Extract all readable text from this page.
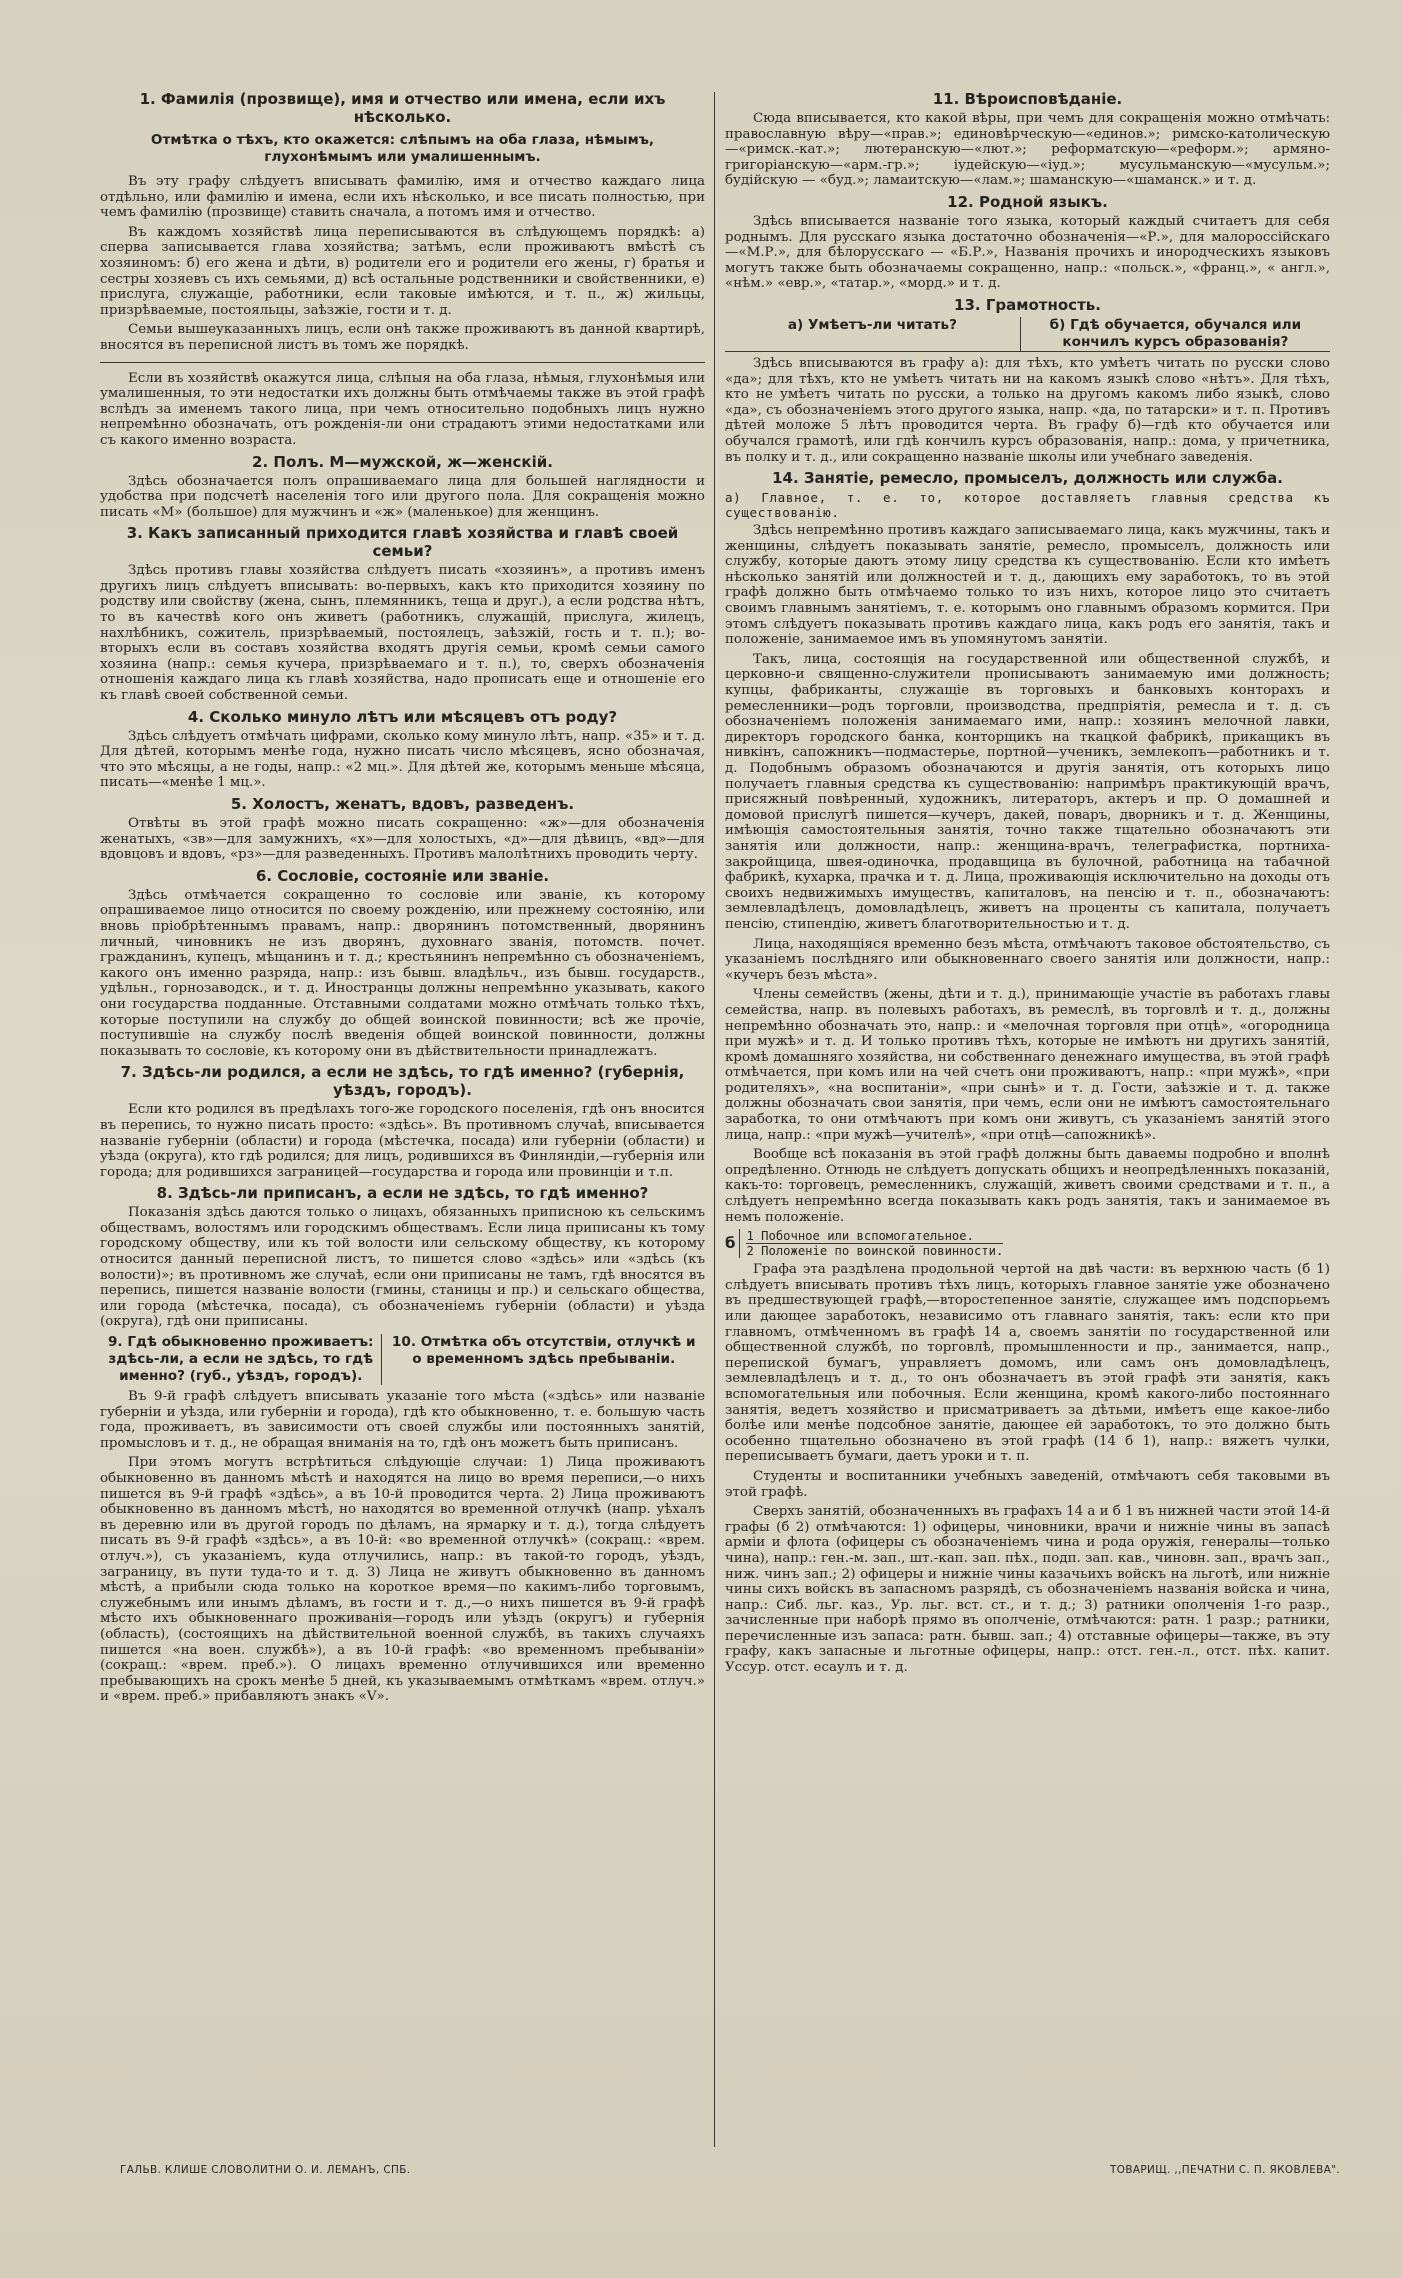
1. Фамилія (прозвище), имя и отчество или имена, если ихъ нѣсколько.
Отмѣтка о тѣхъ, кто окажется: слѣпымъ на оба глаза, нѣмымъ, глухонѣмымъ или умалишеннымъ.

Въ эту графу слѣдуетъ вписывать фамилію, имя и отчество каждаго лица отдѣльно, или фамилію и имена, если ихъ нѣсколько, и все писать полностью, при чемъ фамилію (прозвище) ставить сначала, а потомъ имя и отчество.

Въ каждомъ хозяйствѣ лица переписываются въ слѣдующемъ порядкѣ: а) сперва записывается глава хозяйства; затѣмъ, если проживаютъ вмѣстѣ съ хозяиномъ: б) его жена и дѣти, в) родители его и родители его жены, г) братья и сестры хозяевъ съ ихъ семьями, д) всѣ остальные родственники и свойственники, е) прислуга, служащіе, работники, если таковые имѣются, и т. п., ж) жильцы, призрѣваемые, постояльцы, заѣзжіе, гости и т. д.

Семьи вышеуказанныхъ лицъ, если онѣ также проживаютъ въ данной квартирѣ, вносятся въ переписной листъ въ томъ же порядкѣ.

Если въ хозяйствѣ окажутся лица, слѣпыя на оба глаза, нѣмыя, глухонѣмыя или умалишенныя, то эти недостатки ихъ должны быть отмѣчаемы также въ этой графѣ вслѣдъ за именемъ такого лица, при чемъ относительно подобныхъ лицъ нужно непремѣнно обозначать, отъ рожденія-ли они страдаютъ этими недостатками или съ какого именно возраста.

2. Полъ. М—мужской, ж—женскій.

Здѣсь обозначается полъ опрашиваемаго лица для большей наглядности и удобства при подсчетѣ населенія того или другого пола. Для сокращенія можно писать «М» (большое) для мужчинъ и «ж» (маленькое) для женщинъ.

3. Какъ записанный приходится главѣ хозяйства и главѣ своей семьи?

Здѣсь противъ главы хозяйства слѣдуетъ писать «хозяинъ», а противъ именъ другихъ лицъ слѣдуетъ вписывать: во-первыхъ, какъ кто приходится хозяину по родству или свойству (жена, сынъ, племянникъ, теща и друг.), а если родства нѣтъ, то въ качествѣ кого онъ живетъ (работникъ, служащій, прислуга, жилецъ, нахлѣбникъ, сожитель, призрѣваемый, постоялецъ, заѣзжій, гость и т. п.); во-вторыхъ если въ составъ хозяйства входятъ другія семьи, кромѣ семьи самого хозяина (напр.: семья кучера, призрѣваемаго и т. п.), то, сверхъ обозначенія отношенія каждаго лица къ главѣ хозяйства, надо прописать еще и отношеніе его къ главѣ своей собственной семьи.

4. Сколько минуло лѣтъ или мѣсяцевъ отъ роду?

Здѣсь слѣдуетъ отмѣчать цифрами, сколько кому минуло лѣтъ, напр. «35» и т. д. Для дѣтей, которымъ менѣе года, нужно писать число мѣсяцевъ, ясно обозначая, что это мѣсяцы, а не годы, напр.: «2 мц.». Для дѣтей же, которымъ меньше мѣсяца, писать—«менѣе 1 мц.».

5. Холостъ, женатъ, вдовъ, разведенъ.

Отвѣты въ этой графѣ можно писать сокращенно: «ж»—для обозначенія женатыхъ, «зв»—для замужнихъ, «х»—для холостыхъ, «д»—для дѣвицъ, «вд»—для вдовцовъ и вдовъ, «рз»—для разведенныхъ. Противъ малолѣтнихъ проводить черту.

6. Сословіе, состояніе или званіе.

Здѣсь отмѣчается сокращенно то сословіе или званіе, къ которому опрашиваемое лицо относится по своему рожденію, или прежнему состоянію, или вновь пріобрѣтеннымъ правамъ, напр.: дворянинъ потомственный, дворянинъ личный, чиновникъ не изъ дворянъ, духовнаго званія, потомств. почет. гражданинъ, купецъ, мѣщанинъ и т. д.; крестьянинъ непремѣнно съ обозначеніемъ, какого онъ именно разряда, напр.: изъ бывш. владѣльч., изъ бывш. государств., удѣльн., горнозаводск., и т. д. Иностранцы должны непремѣнно указывать, какого они государства подданные. Отставными солдатами можно отмѣчать только тѣхъ, которые поступили на службу до общей воинской повинности; всѣ же прочіе, поступившіе на службу послѣ введенія общей воинской повинности, должны показывать то сословіе, къ которому они въ дѣйствительности принадлежатъ.

7. Здѣсь-ли родился, а если не здѣсь, то гдѣ именно? (губернія, уѣздъ, городъ).

Если кто родился въ предѣлахъ того-же городского поселенія, гдѣ онъ вносится въ перепись, то нужно писать просто: «здѣсь». Въ противномъ случаѣ, вписывается названіе губерніи (области) и города (мѣстечка, посада) или губерніи (области) и уѣзда (округа), кто гдѣ родился; для лицъ, родившихся въ Финляндіи,—губернія или города; для родившихся заграницей—государства и города или провинціи и т.п.

8. Здѣсь-ли приписанъ, а если не здѣсь, то гдѣ именно?

Показанія здѣсь даются только о лицахъ, обязанныхъ приписною къ сельскимъ обществамъ, волостямъ или городскимъ обществамъ. Если лица приписаны къ тому городскому обществу, или къ той волости или сельскому обществу, къ которому относится данный переписной листъ, то пишется слово «здѣсь» или «здѣсь (къ волости)»; въ противномъ же случаѣ, если они приписаны не тамъ, гдѣ вносятся въ перепись, пишется названіе волости (гмины, станицы и пр.) и сельскаго общества, или города (мѣстечка, посада), съ обозначеніемъ губерніи (области) и уѣзда (округа), гдѣ они приписаны.

9. Гдѣ обыкновенно проживаетъ: здѣсь-ли, а если не здѣсь, то гдѣ именно? (губ., уѣздъ, городъ).
10. Отмѣтка объ отсутствіи, отлучкѣ и о временномъ здѣсь пребываніи.

Въ 9-й графѣ слѣдуетъ вписывать указаніе того мѣста («здѣсь» или названіе губерніи и уѣзда, или губерніи и города), гдѣ кто обыкновенно, т. е. большую часть года, проживаетъ, въ зависимости отъ своей службы или постоянныхъ занятій, промысловъ и т. д., не обращая вниманія на то, гдѣ онъ можетъ быть приписанъ.

При этомъ могутъ встрѣтиться слѣдующіе случаи: 1) Лица проживаютъ обыкновенно въ данномъ мѣстѣ и находятся на лицо во время переписи,—о нихъ пишется въ 9-й графѣ «здѣсь», а въ 10-й проводится черта. 2) Лица проживаютъ обыкновенно въ данномъ мѣстѣ, но находятся во временной отлучкѣ (напр. уѣхалъ въ деревню или въ другой городъ по дѣламъ, на ярмарку и т. д.), тогда слѣдуетъ писать въ 9-й графѣ «здѣсь», а въ 10-й: «во временной отлучкѣ» (сокращ.: «врем. отлуч.»), съ указаніемъ, куда отлучились, напр.: въ такой-то городъ, уѣздъ, заграницу, въ пути туда-то и т. д. 3) Лица не живутъ обыкновенно въ данномъ мѣстѣ, а прибыли сюда только на короткое время—по какимъ-либо торговымъ, служебнымъ или инымъ дѣламъ, въ гости и т. д.,—о нихъ пишется въ 9-й графѣ мѣсто ихъ обыкновеннаго проживанія—городъ или уѣздъ (округъ) и губернія (область), (состоящихъ на дѣйствительной военной службѣ, въ такихъ случаяхъ пишется «на воен. службѣ»), а въ 10-й графѣ: «во временномъ пребываніи» (сокращ.: «врем. преб.»). О лицахъ временно отлучившихся или временно пребывающихъ на срокъ менѣе 5 дней, къ указываемымъ отмѣткамъ «врем. отлуч.» и «врем. преб.» прибавляютъ знакъ «V».

11. Вѣроисповѣданіе.

Сюда вписывается, кто какой вѣры, при чемъ для сокращенія можно отмѣчать: православную вѣру—«прав.»; единовѣрческую—«единов.»; римско-католическую—«римск.-кат.»; лютеранскую—«лют.»; реформатскую—«реформ.»; армяно-григоріанскую—«арм.-гр.»; іудейскую—«іуд.»; мусульманскую—«мусульм.»; будійскую — «буд.»; ламаитскую—«лам.»; шаманскую—«шаманск.» и т. д.

12. Родной языкъ.

Здѣсь вписывается названіе того языка, который каждый считаетъ для себя роднымъ. Для русскаго языка достаточно обозначенія—«Р.», для малороссійскаго—«М.Р.», для бѣлорусскаго — «Б.Р.», Названія прочихъ и инородческихъ языковъ могутъ также быть обозначаемы сокращенно, напр.: «польск.», «франц.», « англ.», «нѣм.» «евр.», «татар.», «морд.» и т. д.

13. Грамотность.
а) Умѣетъ-ли читать?	б) Гдѣ обучается, обучался или кончилъ курсъ образованія?

Здѣсь вписываются въ графу а): для тѣхъ, кто умѣетъ читать по русски слово «да»; для тѣхъ, кто не умѣетъ читать ни на какомъ языкѣ слово «нѣтъ». Для тѣхъ, кто не умѣетъ читать по русски, а только на другомъ какомъ либо языкѣ, слово «да», съ обозначеніемъ этого другого языка, напр. «да, по татарски» и т. п. Противъ дѣтей моложе 5 лѣтъ проводится черта. Въ графу б)—гдѣ кто обучается или обучался грамотѣ, или гдѣ кончилъ курсъ образованія, напр.: дома, у причетника, въ полку и т. д., или сокращенно названіе школы или учебнаго заведенія.

14. Занятіе, ремесло, промыселъ, должность или служба.
а) Главное, т. е. то, которое доставляетъ главныя средства къ существованію.

Здѣсь непремѣнно противъ каждаго записываемаго лица, какъ мужчины, такъ и женщины, слѣдуетъ показывать занятіе, ремесло, промыселъ, должность или службу, которые даютъ этому лицу средства къ существованію. Если кто имѣетъ нѣсколько занятій или должностей и т. д., дающихъ ему заработокъ, то въ этой графѣ должно быть отмѣчаемо только то изъ нихъ, которое лицо это считаетъ своимъ главнымъ занятіемъ, т. е. которымъ оно главнымъ образомъ кормится. При этомъ слѣдуетъ показывать противъ каждаго лица, какъ родъ его занятія, такъ и положеніе, занимаемое имъ въ упомянутомъ занятіи.

Такъ, лица, состоящія на государственной или общественной службѣ, и церковно-и священно-служители прописываютъ занимаемую ими должность; купцы, фабриканты, служащіе въ торговыхъ и банковыхъ конторахъ и ремесленники—родъ торговли, производства, предпріятія, ремесла и т. д. съ обозначеніемъ положенія занимаемаго ими, напр.: хозяинъ мелочной лавки, директоръ городского банка, конторщикъ на ткацкой фабрикѣ, прикащикъ въ нивкінъ, сапожникъ—подмастерье, портной—ученикъ, землекопъ—работникъ и т. д. Подобнымъ образомъ обозначаются и другія занятія, отъ которыхъ лицо получаетъ главныя средства къ существованію: напримѣръ практикующій врачъ, присяжный повѣренный, художникъ, литераторъ, актеръ и пр. О домашней и домовой прислугѣ пишется—кучеръ, дакей, поваръ, дворникъ и т. д. Женщины, имѣющія самостоятельныя занятія, точно также тщательно обозначаютъ эти занятія или должности, напр.: женщина-врачъ, телеграфистка, портниха-закройщица, швея-одиночка, продавщица въ булочной, работница на табачной фабрикѣ, кухарка, прачка и т. д. Лица, проживающія исключительно на доходы отъ своихъ недвижимыхъ имуществъ, капиталовъ, на пенсію и т. п., обозначаютъ: землевладѣлецъ, домовладѣлецъ, живетъ на проценты съ капитала, получаетъ пенсію, стипендію, живетъ благотворительностью и т. д.

Лица, находящіяся временно безъ мѣста, отмѣчаютъ таковое обстоятельство, съ указаніемъ послѣдняго или обыкновеннаго своего занятія или должности, напр.: «кучеръ безъ мѣста».

Члены семействъ (жены, дѣти и т. д.), принимающіе участіе въ работахъ главы семейства, напр. въ полевыхъ работахъ, въ ремеслѣ, въ торговлѣ и т. д., должны непремѣнно обозначать это, напр.: и «мелочная торговля при отцѣ», «огородница при мужѣ» и т. д. И только противъ тѣхъ, которые не имѣютъ ни другихъ занятій, кромѣ домашняго хозяйства, ни собственнаго денежнаго имущества, въ этой графѣ отмѣчается, при комъ или на чей счетъ они проживаютъ, напр.: «при мужѣ», «при родителяхъ», «на воспитаніи», «при сынѣ» и т. д. Гости, заѣзжіе и т. д. также должны обозначать свои занятія, при чемъ, если они не имѣютъ самостоятельнаго заработка, то они отмѣчаютъ при комъ они живутъ, съ указаніемъ занятій этого лица, напр.: «при мужѣ—учителѣ», «при отцѣ—сапожникѣ».

Вообще всѣ показанія въ этой графѣ должны быть даваемы подробно и вполнѣ опредѣленно. Отнюдь не слѣдуетъ допускать общихъ и неопредѣленныхъ показаній, какъ-то: торговецъ, ремесленникъ, служащій, живетъ своими средствами и т. п., а слѣдуетъ непремѣнно всегда показывать какъ родъ занятія, такъ и занимаемое въ немъ положеніе.

б 1 Побочное или вспомогательное.
2 Положеніе по воинской повинности.

Графа эта раздѣлена продольной чертой на двѣ части: въ верхнюю часть (б 1) слѣдуетъ вписывать противъ тѣхъ лицъ, которыхъ главное занятіе уже обозначено въ предшествующей графѣ,—второстепенное занятіе, служащее имъ подспорьемъ или дающее заработокъ, независимо отъ главнаго занятія, такъ: если кто при главномъ, отмѣченномъ въ графѣ 14 а, своемъ занятіи по государственной или общественной службѣ, по торговлѣ, промышленности и пр., занимается, напр., перепиской бумагъ, управляетъ домомъ, или самъ онъ домовладѣлецъ, землевладѣлецъ и т. д., то онъ обозначаетъ въ этой графѣ эти занятія, какъ вспомогательныя или побочныя. Если женщина, кромѣ какого-либо постояннаго занятія, ведетъ хозяйство и присматриваетъ за дѣтьми, имѣетъ еще какое-либо болѣе или менѣе подсобное занятіе, дающее ей заработокъ, то это должно быть особенно тщательно обозначено въ этой графѣ (14 б 1), напр.: вяжетъ чулки, переписываетъ бумаги, даетъ уроки и т. п.

Студенты и воспитанники учебныхъ заведеній, отмѣчаютъ себя таковыми въ этой графѣ.

Сверхъ занятій, обозначенныхъ въ графахъ 14 а и б 1 въ нижней части этой 14-й графы (б 2) отмѣчаются: 1) офицеры, чиновники, врачи и нижніе чины въ запасѣ арміи и флота (офицеры съ обозначеніемъ чина и рода оружія, генералы—только чина), напр.: ген.-м. зап., шт.-кап. зап. пѣх., подп. зап. кав., чиновн. зап., врачъ зап., ниж. чинъ зап.; 2) офицеры и нижніе чины казачьихъ войскъ на льготѣ, или нижніе чины сихъ войскъ въ запасномъ разрядѣ, съ обозначеніемъ названія войска и чина, напр.: Сиб. льг. каз., Ур. льг. вст. ст., и т. д.; 3) ратники ополченія 1-го разр., зачисленные при наборѣ прямо въ ополченіе, отмѣчаются: ратн. 1 разр.; ратники, перечисленные изъ запаса: ратн. бывш. зап.; 4) отставные офицеры—также, въ эту графу, какъ запасные и льготные офицеры, напр.: отст. ген.-л., отст. пѣх. капит. Уссур. отст. есаулъ и т. д.

ГАЛЬВ. КЛИШЕ СЛОВОЛИТНИ О. И. ЛЕМАНЪ, СПБ.	ТОВАРИЩ. ,,ПЕЧАТНИ С. П. ЯКОВЛЕВА".
